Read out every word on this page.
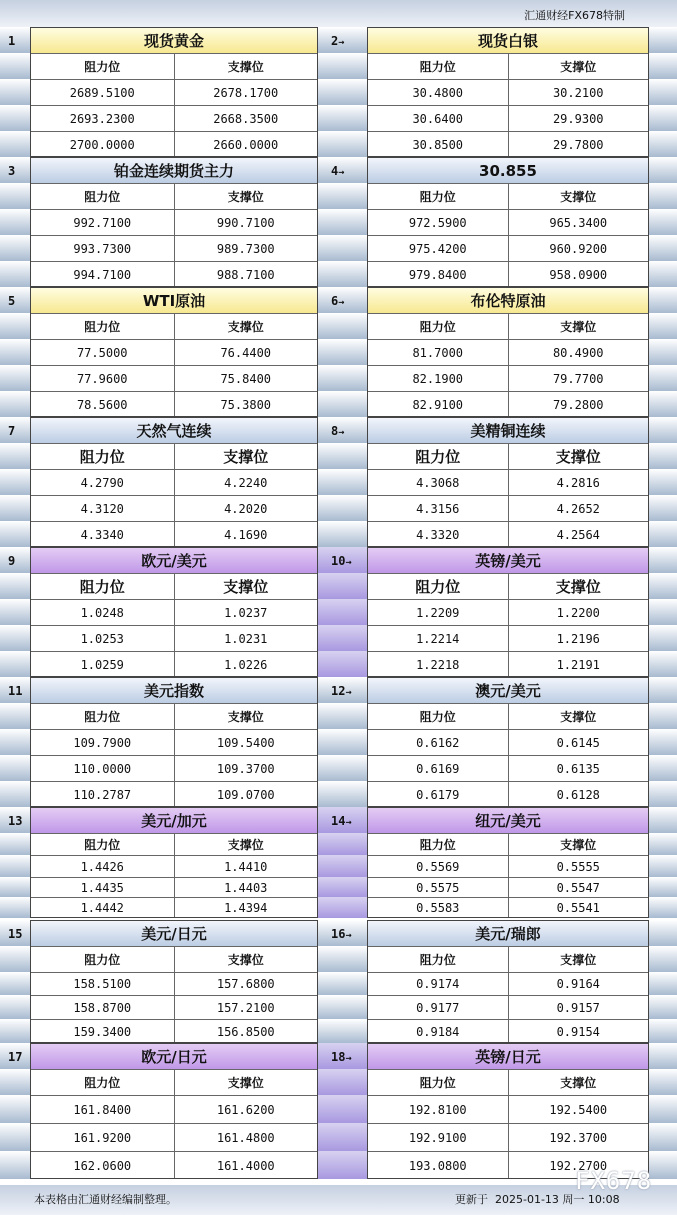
汇通财经FX678特制
现货黄金
阻力位	支撑位
2689.5100	2678.1700
2693.2300	2668.3500
2700.0000	2660.0000
现货白银
阻力位	支撑位
30.4800	30.2100
30.6400	29.9300
30.8500	29.7800
铂金连续期货主力
阻力位	支撑位
992.7100	990.7100
993.7300	989.7300
994.7100	988.7100
30.855
阻力位	支撑位
972.5900	965.3400
975.4200	960.9200
979.8400	958.0900
WTI原油
阻力位	支撑位
77.5000	76.4400
77.9600	75.8400
78.5600	75.3800
布伦特原油
阻力位	支撑位
81.7000	80.4900
82.1900	79.7700
82.9100	79.2800
天然气连续
阻力位	支撑位
4.2790	4.2240
4.3120	4.2020
4.3340	4.1690
美精铜连续
阻力位	支撑位
4.3068	4.2816
4.3156	4.2652
4.3320	4.2564
欧元/美元
阻力位	支撑位
1.0248	1.0237
1.0253	1.0231
1.0259	1.0226
英镑/美元
阻力位	支撑位
1.2209	1.2200
1.2214	1.2196
1.2218	1.2191
美元指数
阻力位	支撑位
109.7900	109.5400
110.0000	109.3700
110.2787	109.0700
澳元/美元
阻力位	支撑位
0.6162	0.6145
0.6169	0.6135
0.6179	0.6128
美元/加元
阻力位	支撑位
1.4426	1.4410
1.4435	1.4403
1.4442	1.4394
纽元/美元
阻力位	支撑位
0.5569	0.5555
0.5575	0.5547
0.5583	0.5541
美元/日元
阻力位	支撑位
158.5100	157.6800
158.8700	157.2100
159.3400	156.8500
美元/瑞郎
阻力位	支撑位
0.9174	0.9164
0.9177	0.9157
0.9184	0.9154
欧元/日元
阻力位	支撑位
161.8400	161.6200
161.9200	161.4800
162.0600	161.4000
英镑/日元
阻力位	支撑位
192.8100	192.5400
192.9100	192.3700
193.0800	192.2700
本表格由汇通财经编制整理。	更新于  2025-01-13 周一 10:08
FX678
1	2→
3	4→
5	6→
7	8→
9	10→
11	12→
13	14→
15	16→
17	18→
